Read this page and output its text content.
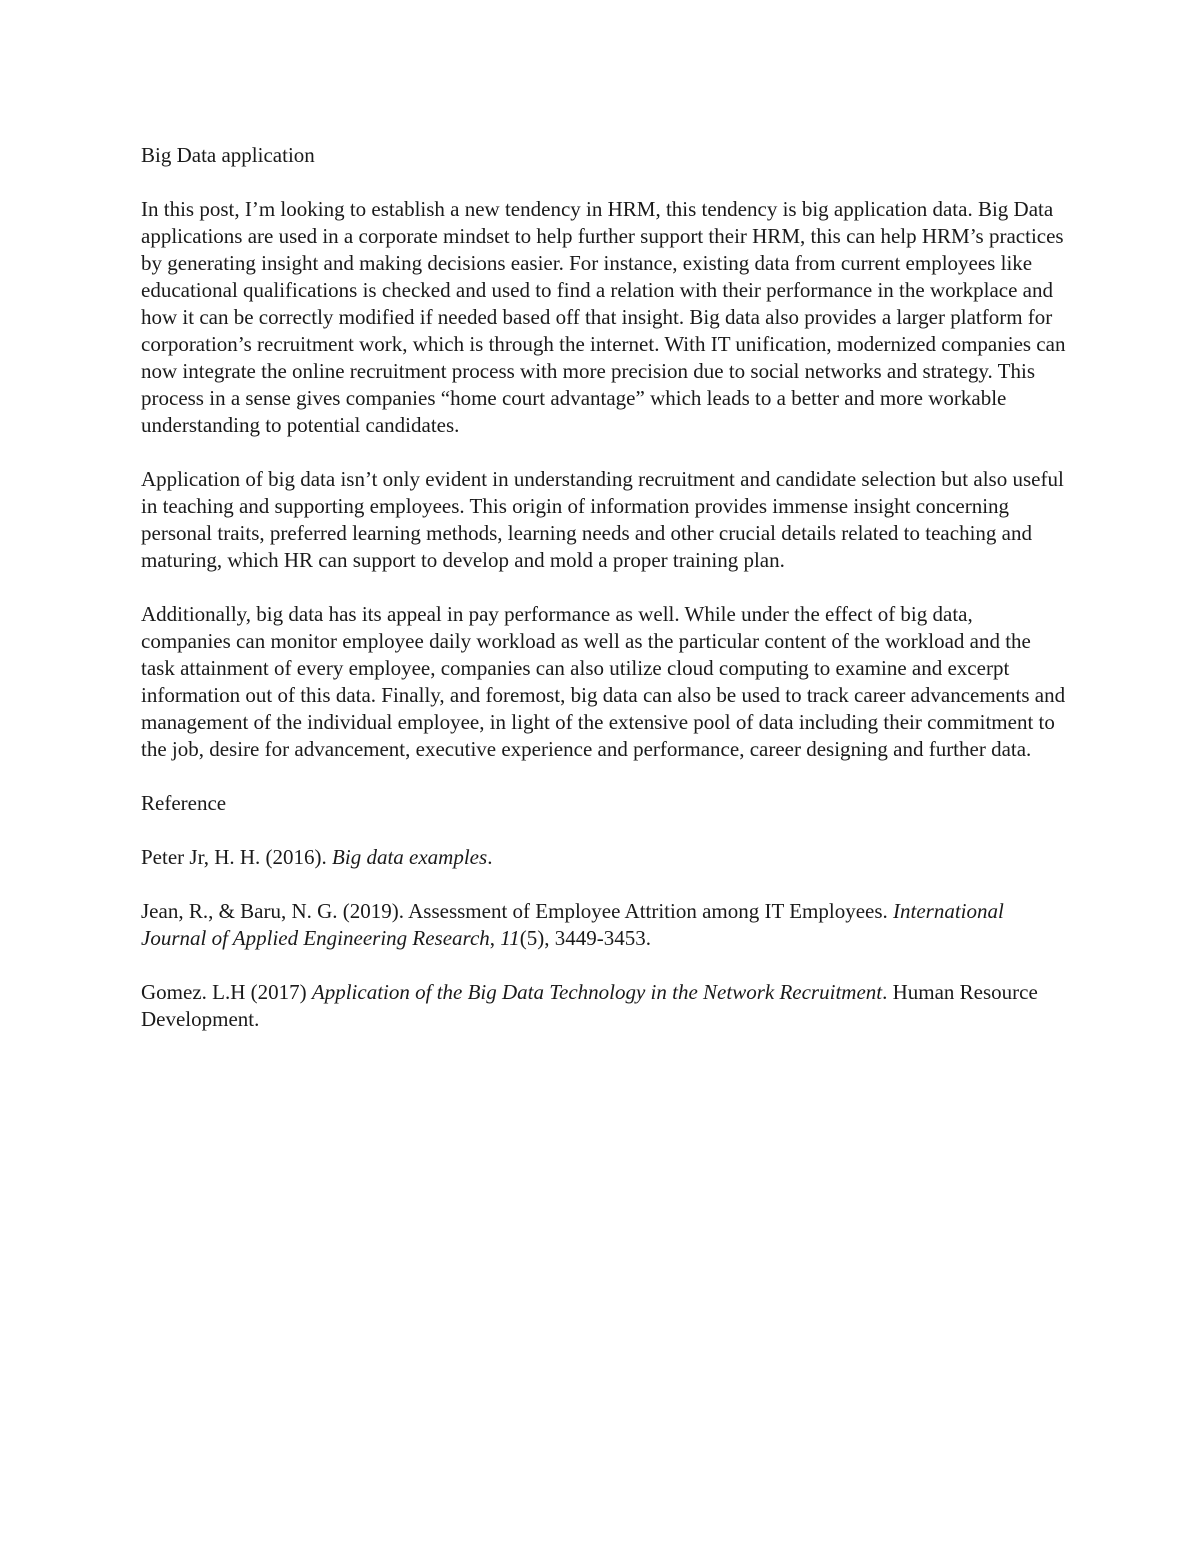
Big Data application

In this post, I’m looking to establish a new tendency in HRM, this tendency is big application data. Big Data applications are used in a corporate mindset to help further support their HRM, this can help HRM’s practices by generating insight and making decisions easier. For instance, existing data from current employees like educational qualifications is checked and used to find a relation with their performance in the workplace and how it can be correctly modified if needed based off that insight. Big data also provides a larger platform for corporation’s recruitment work, which is through the internet. With IT unification, modernized companies can now integrate the online recruitment process with more precision due to social networks and strategy. This process in a sense gives companies “home court advantage” which leads to a better and more workable understanding to potential candidates.

Application of big data isn’t only evident in understanding recruitment and candidate selection but also useful in teaching and supporting employees. This origin of information provides immense insight concerning personal traits, preferred learning methods, learning needs and other crucial details related to teaching and maturing, which HR can support to develop and mold a proper training plan.

Additionally, big data has its appeal in pay performance as well. While under the effect of big data, companies can monitor employee daily workload as well as the particular content of the workload and the task attainment of every employee, companies can also utilize cloud computing to examine and excerpt information out of this data. Finally, and foremost, big data can also be used to track career advancements and management of the individual employee, in light of the extensive pool of data including their commitment to the job, desire for advancement, executive experience and performance, career designing and further data.

Reference

Peter Jr, H. H. (2016). Big data examples.

Jean, R., & Baru, N. G. (2019). Assessment of Employee Attrition among IT Employees. International Journal of Applied Engineering Research, 11(5), 3449-3453.

Gomez. L.H (2017) Application of the Big Data Technology in the Network Recruitment. Human Resource Development.
